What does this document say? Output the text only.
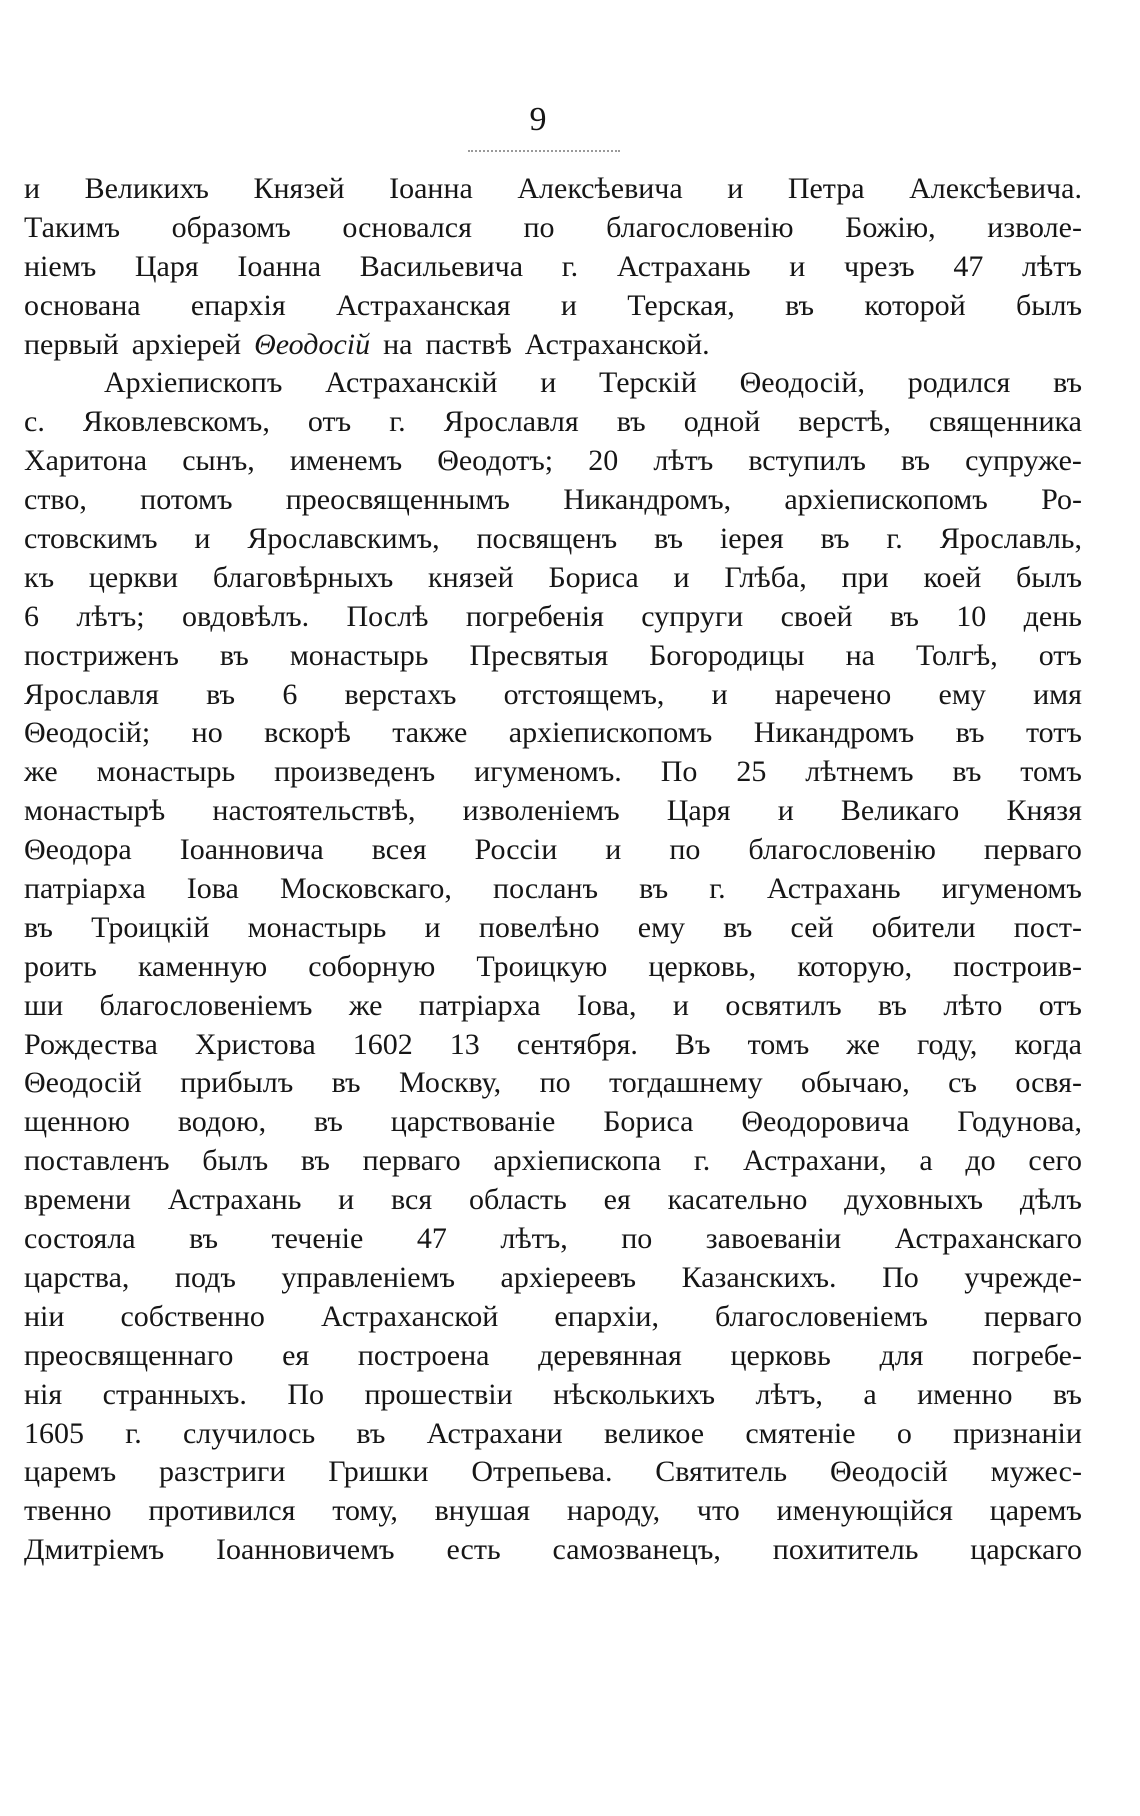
9
и Великихъ Князей Іоанна Алексѣевича и Петра Алексѣевича.
Такимъ образомъ основался по благословенію Божію, изволе-
ніемъ Царя Іоанна Васильевича г. Астрахань и чрезъ 47 лѣтъ
основана епархія Астраханская и Терская, въ которой былъ
первый архіерей Θеодосій на паствѣ Астраханской.
Архіепископъ Астраханскій и Терскій Θеодосій, родился въ
с. Яковлевскомъ, отъ г. Ярославля въ одной верстѣ, священника
Харитона сынъ, именемъ Θеодотъ; 20 лѣтъ вступилъ въ супруже-
ство, потомъ преосвященнымъ Никандромъ, архіепископомъ Ро-
стовскимъ и Ярославскимъ, посвященъ въ іерея въ г. Ярославль,
къ церкви благовѣрныхъ князей Бориса и Глѣба, при коей былъ
6 лѣтъ; овдовѣлъ. Послѣ погребенія супруги своей въ 10 день
постриженъ въ монастырь Пресвятыя Богородицы на Толгѣ, отъ
Ярославля въ 6 верстахъ отстоящемъ, и наречено ему имя
Θеодосій; но вскорѣ также архіепископомъ Никандромъ въ тотъ
же монастырь произведенъ игуменомъ. По 25 лѣтнемъ въ томъ
монастырѣ настоятельствѣ, изволеніемъ Царя и Великаго Князя
Θеодора Іоанновича всея Россіи и по благословенію перваго
патріарха Іова Московскаго, посланъ въ г. Астрахань игуменомъ
въ Троицкій монастырь и повелѣно ему въ сей обители пост-
роить каменную соборную Троицкую церковь, которую, построив-
ши благословеніемъ же патріарха Іова, и освятилъ въ лѣто отъ
Рождества Христова 1602 13 сентября. Въ томъ же году, когда
Θеодосій прибылъ въ Москву, по тогдашнему обычаю, съ освя-
щенною водою, въ царствованіе Бориса Θеодоровича Годунова,
поставленъ былъ въ перваго архіепископа г. Астрахани, а до сего
времени Астрахань и вся область ея касательно духовныхъ дѣлъ
состояла въ теченіе 47 лѣтъ, по завоеваніи Астраханскаго
царства, подъ управленіемъ архіереевъ Казанскихъ. По учрежде-
ніи собственно Астраханской епархіи, благословеніемъ перваго
преосвященнаго ея построена деревянная церковь для погребе-
нія странныхъ. По прошествіи нѣсколькихъ лѣтъ, а именно въ
1605 г. случилось въ Астрахани великое смятеніе о признаніи
царемъ разстриги Гришки Отрепьева. Святитель Θеодосій мужес-
твенно противился тому, внушая народу, что именующійся царемъ
Дмитріемъ Іоанновичемъ есть самозванецъ, похититель царскаго
